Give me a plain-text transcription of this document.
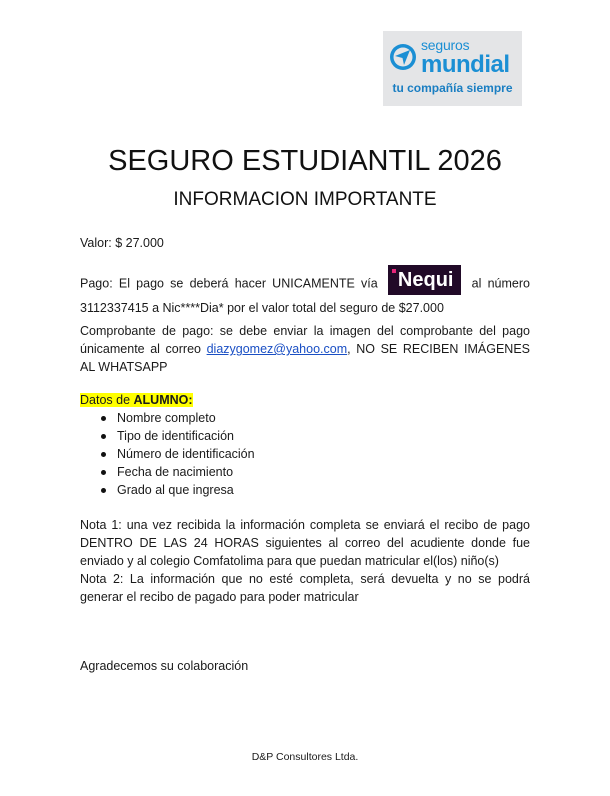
seguros
mundial
tu compañía siempre
SEGURO ESTUDIANTIL 2026
INFORMACION IMPORTANTE
Valor: $ 27.000
Pago: El pago se deberá hacer UNICAMENTE vía Nequi al número 3112337415 a Nic****Dia* por el valor total del seguro de $27.000
Comprobante de pago: se debe enviar la imagen del comprobante del pago únicamente al correo diazygomez@yahoo.com, NO SE RECIBEN IMÁGENES AL WHATSAPP
Datos de ALUMNO:
Nombre completo
Tipo de identificación
Número de identificación
Fecha de nacimiento
Grado al que ingresa
Nota 1: una vez recibida la información completa se enviará el recibo de pago DENTRO DE LAS 24 HORAS siguientes al correo del acudiente donde fue enviado y al colegio Comfatolima para que puedan matricular el(los) niño(s)
Nota 2: La información que no esté completa, será devuelta y no se podrá generar el recibo de pagado para poder matricular
Agradecemos su colaboración
D&P Consultores Ltda.
